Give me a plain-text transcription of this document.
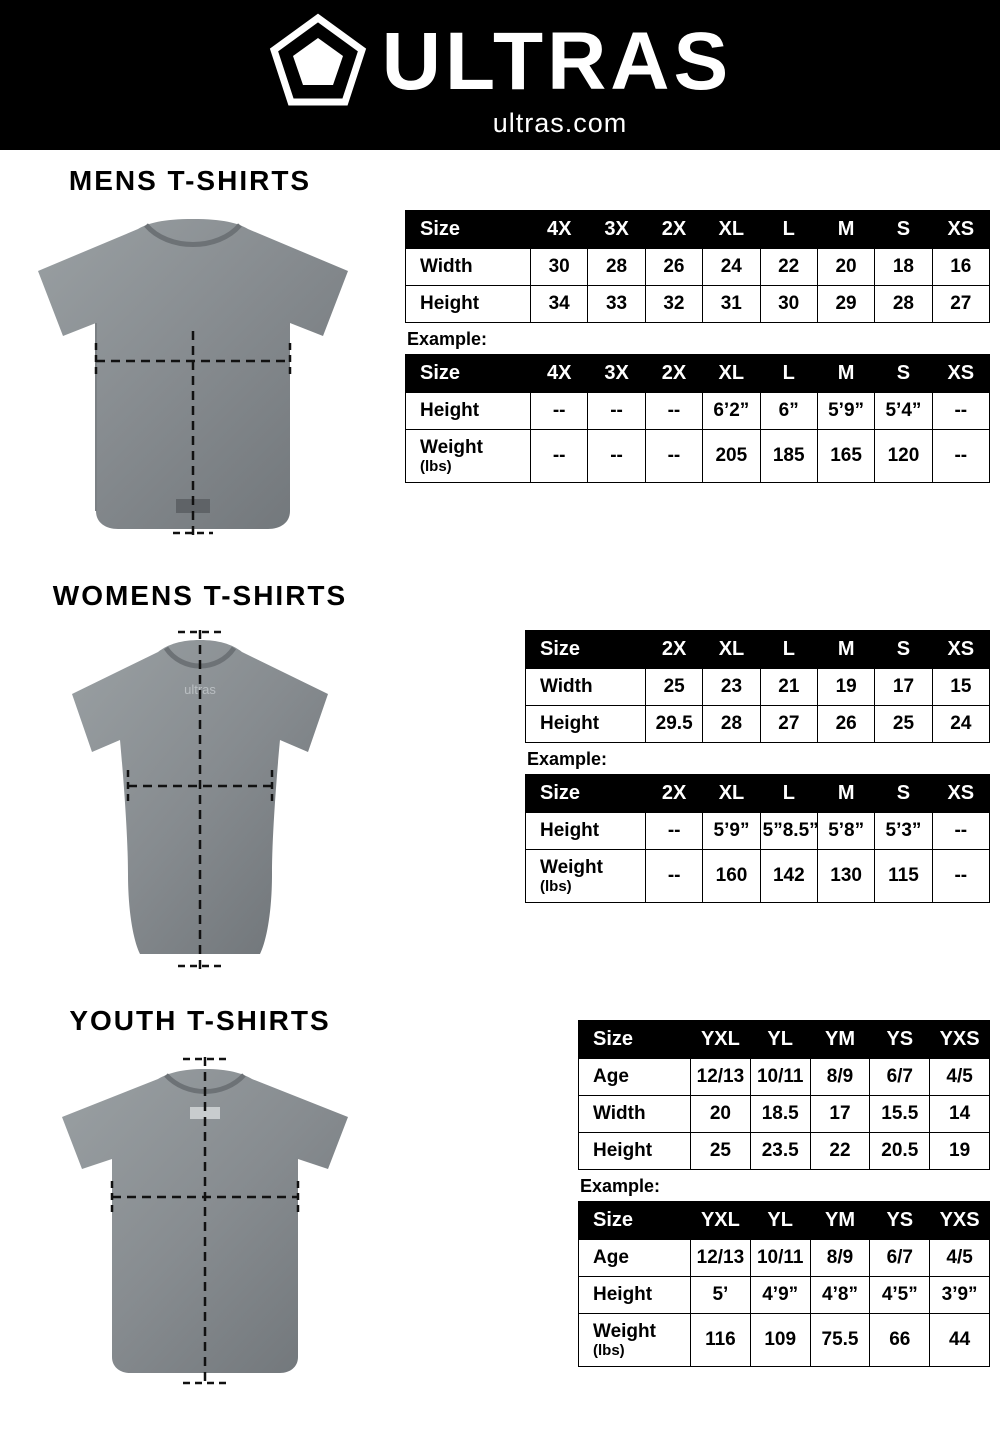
ULTRAS
ultras.com
MENS T-SHIRTS
Size	4X	3X	2X	XL	L	M	S	XS
Width	30	28	26	24	22	20	18	16
Height	34	33	32	31	30	29	28	27
Example:
Size	4X	3X	2X	XL	L	M	S	XS
Height	--	--	--	6’2”	6”	5’9”	5’4”	--
Weight
(lbs)	--	--	--	205	185	165	120	--
WOMENS T-SHIRTS
ultras
Size	2X	XL	L	M	S	XS
Width	25	23	21	19	17	15
Height	29.5	28	27	26	25	24
Example:
Size	2X	XL	L	M	S	XS
Height	--	5’9”	5”8.5”	5’8”	5’3”	--
Weight
(lbs)	--	160	142	130	115	--
YOUTH T-SHIRTS
Size	YXL	YL	YM	YS	YXS
Age	12/13	10/11	8/9	6/7	4/5
Width	20	18.5	17	15.5	14
Height	25	23.5	22	20.5	19
Example:
Size	YXL	YL	YM	YS	YXS
Age	12/13	10/11	8/9	6/7	4/5
Height	5’	4’9”	4’8”	4’5”	3’9”
Weight
(lbs)	116	109	75.5	66	44
